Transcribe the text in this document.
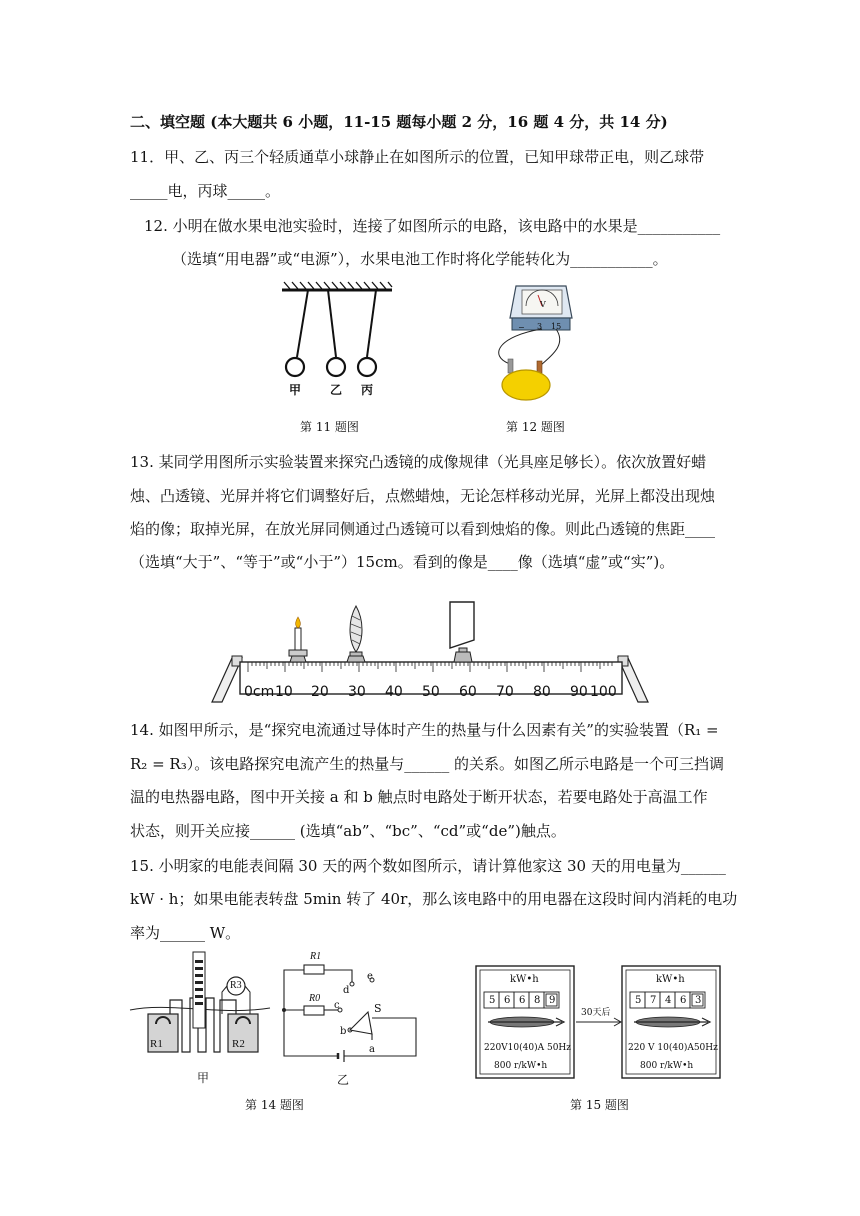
二、填空题 (本大题共 6 小题，11-15 题每小题 2 分，16 题 4 分，共 14 分)
11．甲、乙、丙三个轻质通草小球静止在如图所示的位置，已知甲球带正电，则乙球带
_____电，丙球_____。
12. 小明在做水果电池实验时，连接了如图所示的电路，该电路中的水果是___________
（选填“用电器”或“电源”），水果电池工作时将化学能转化为___________。
甲 乙 丙
第 11 题图
− 3 15
V
第 12 题图
13. 某同学用图所示实验装置来探究凸透镜的成像规律（光具座足够长）。依次放置好蜡
烛、凸透镜、光屏并将它们调整好后，点燃蜡烛，无论怎样移动光屏，光屏上都没出现烛
焰的像；取掉光屏，在放光屏同侧通过凸透镜可以看到烛焰的像。则此凸透镜的焦距____
（选填“大于”、“等于”或“小于”）15cm。看到的像是____像（选填“虚”或“实”)。
0cm 10 20 30 40 50 60 70 80 90 100
14. 如图甲所示，是“探究电流通过导体时产生的热量与什么因素有关”的实验装置（R₁ =
R₂ = R₃）。该电路探究电流产生的热量与______ 的关系。如图乙所示电路是一个可三挡调
温的电热器电路，图中开关接 a 和 b 触点时电路处于断开状态，若要电路处于高温工作
状态，则开关应接______ (选填“ab”、“bc”、“cd”或“de”)触点。
15. 小明家的电能表间隔 30 天的两个数如图所示，请计算他家这 30 天的用电量为______
kW · h；如果电能表转盘 5min 转了 40r，那么该电路中的用电器在这段时间内消耗的电功
率为______ W。
R1	R2
R3
甲
R1
R0
d
e
c	S
b
a
乙
第 14 题图
kW•h
5 6 6 8 9
220V10(40)A 50Hz
800 r/kW•h
30天后
kW•h
5 7 4 6 3
220 V 10(40)A50Hz
800 r/kW•h
第 15 题图
